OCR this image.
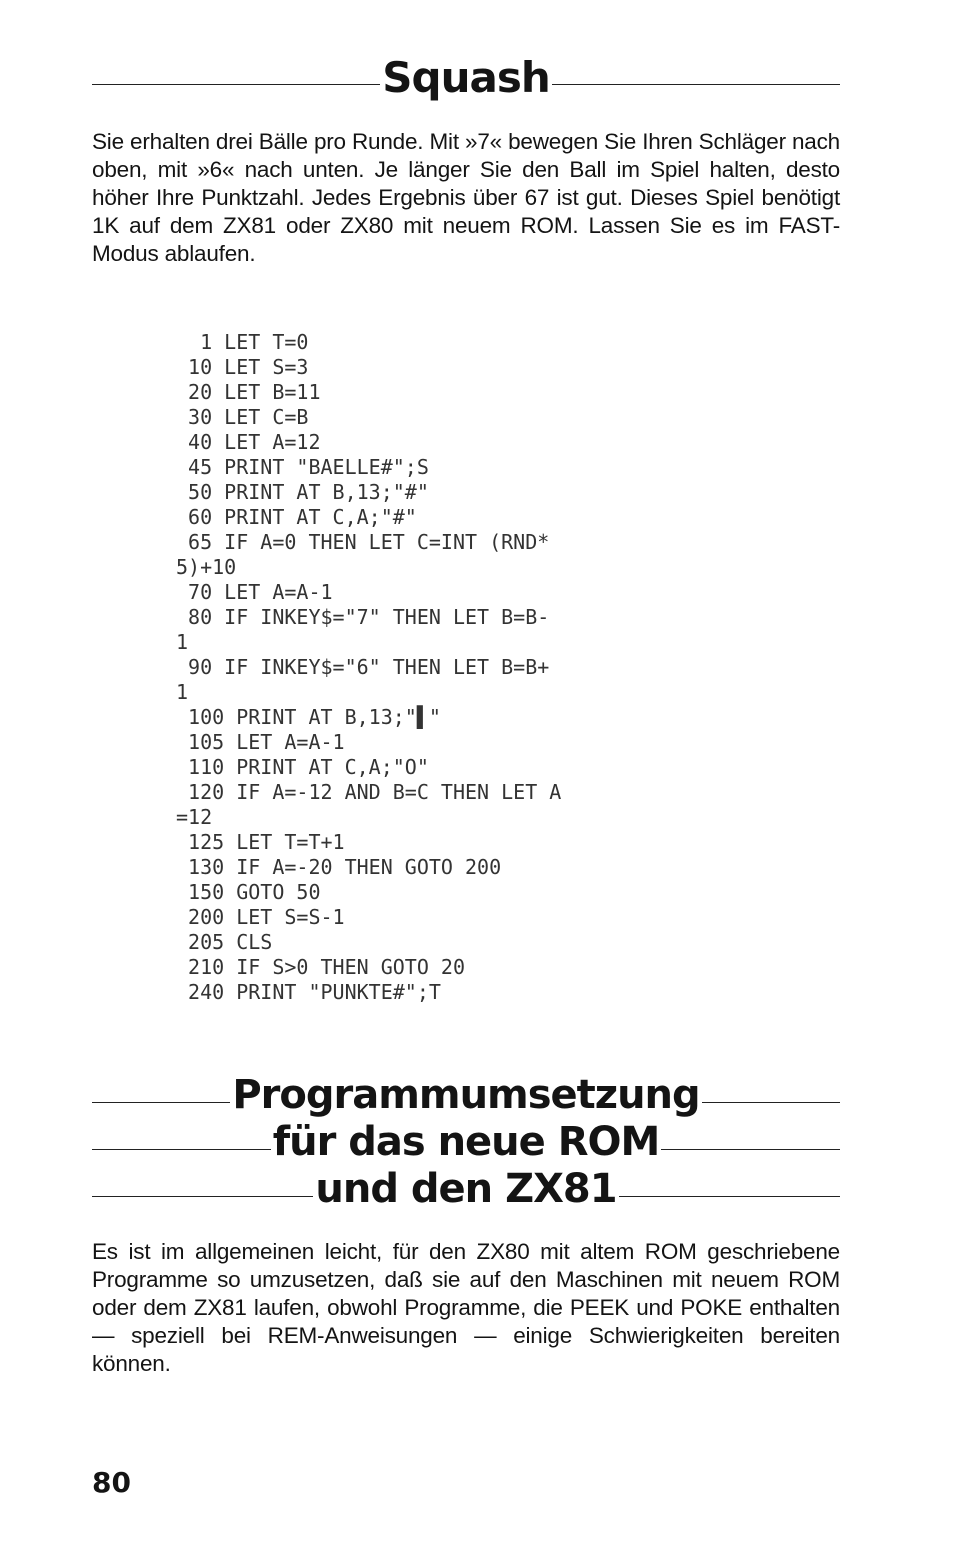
Squash

Sie erhalten drei Bälle pro Runde. Mit »7« bewegen Sie Ihren Schläger nach oben, mit »6« nach unten. Je länger Sie den Ball im Spiel halten, desto höher Ihre Punktzahl. Jedes Ergebnis über 67 ist gut. Dieses Spiel benötigt 1K auf dem ZX81 oder ZX80 mit neuem ROM. Lassen Sie es im FAST-Modus ablaufen.

1 LET T=0
10 LET S=3
20 LET B=11
30 LET C=B
40 LET A=12
45 PRINT "BAELLE#";S
50 PRINT AT B,13;"#"
60 PRINT AT C,A;"#"
65 IF A=0 THEN LET C=INT (RND*
5)+10
70 LET A=A-1
80 IF INKEY$="7" THEN LET B=B-
1
90 IF INKEY$="6" THEN LET B=B+
1
100 PRINT AT B,13;"▌"
105 LET A=A-1
110 PRINT AT C,A;"O"
120 IF A=-12 AND B=C THEN LET A
=12
125 LET T=T+1
130 IF A=-20 THEN GOTO 200
150 GOTO 50
200 LET S=S-1
205 CLS
210 IF S>0 THEN GOTO 20
240 PRINT "PUNKTE#";T
Programmumsetzung
für das neue ROM
und den ZX81

Es ist im allgemeinen leicht, für den ZX80 mit altem ROM geschriebene Programme so umzusetzen, daß sie auf den Maschinen mit neuem ROM oder dem ZX81 laufen, obwohl Programme, die PEEK und POKE enthalten — speziell bei REM-Anweisungen — einige Schwierigkeiten bereiten können.

80
